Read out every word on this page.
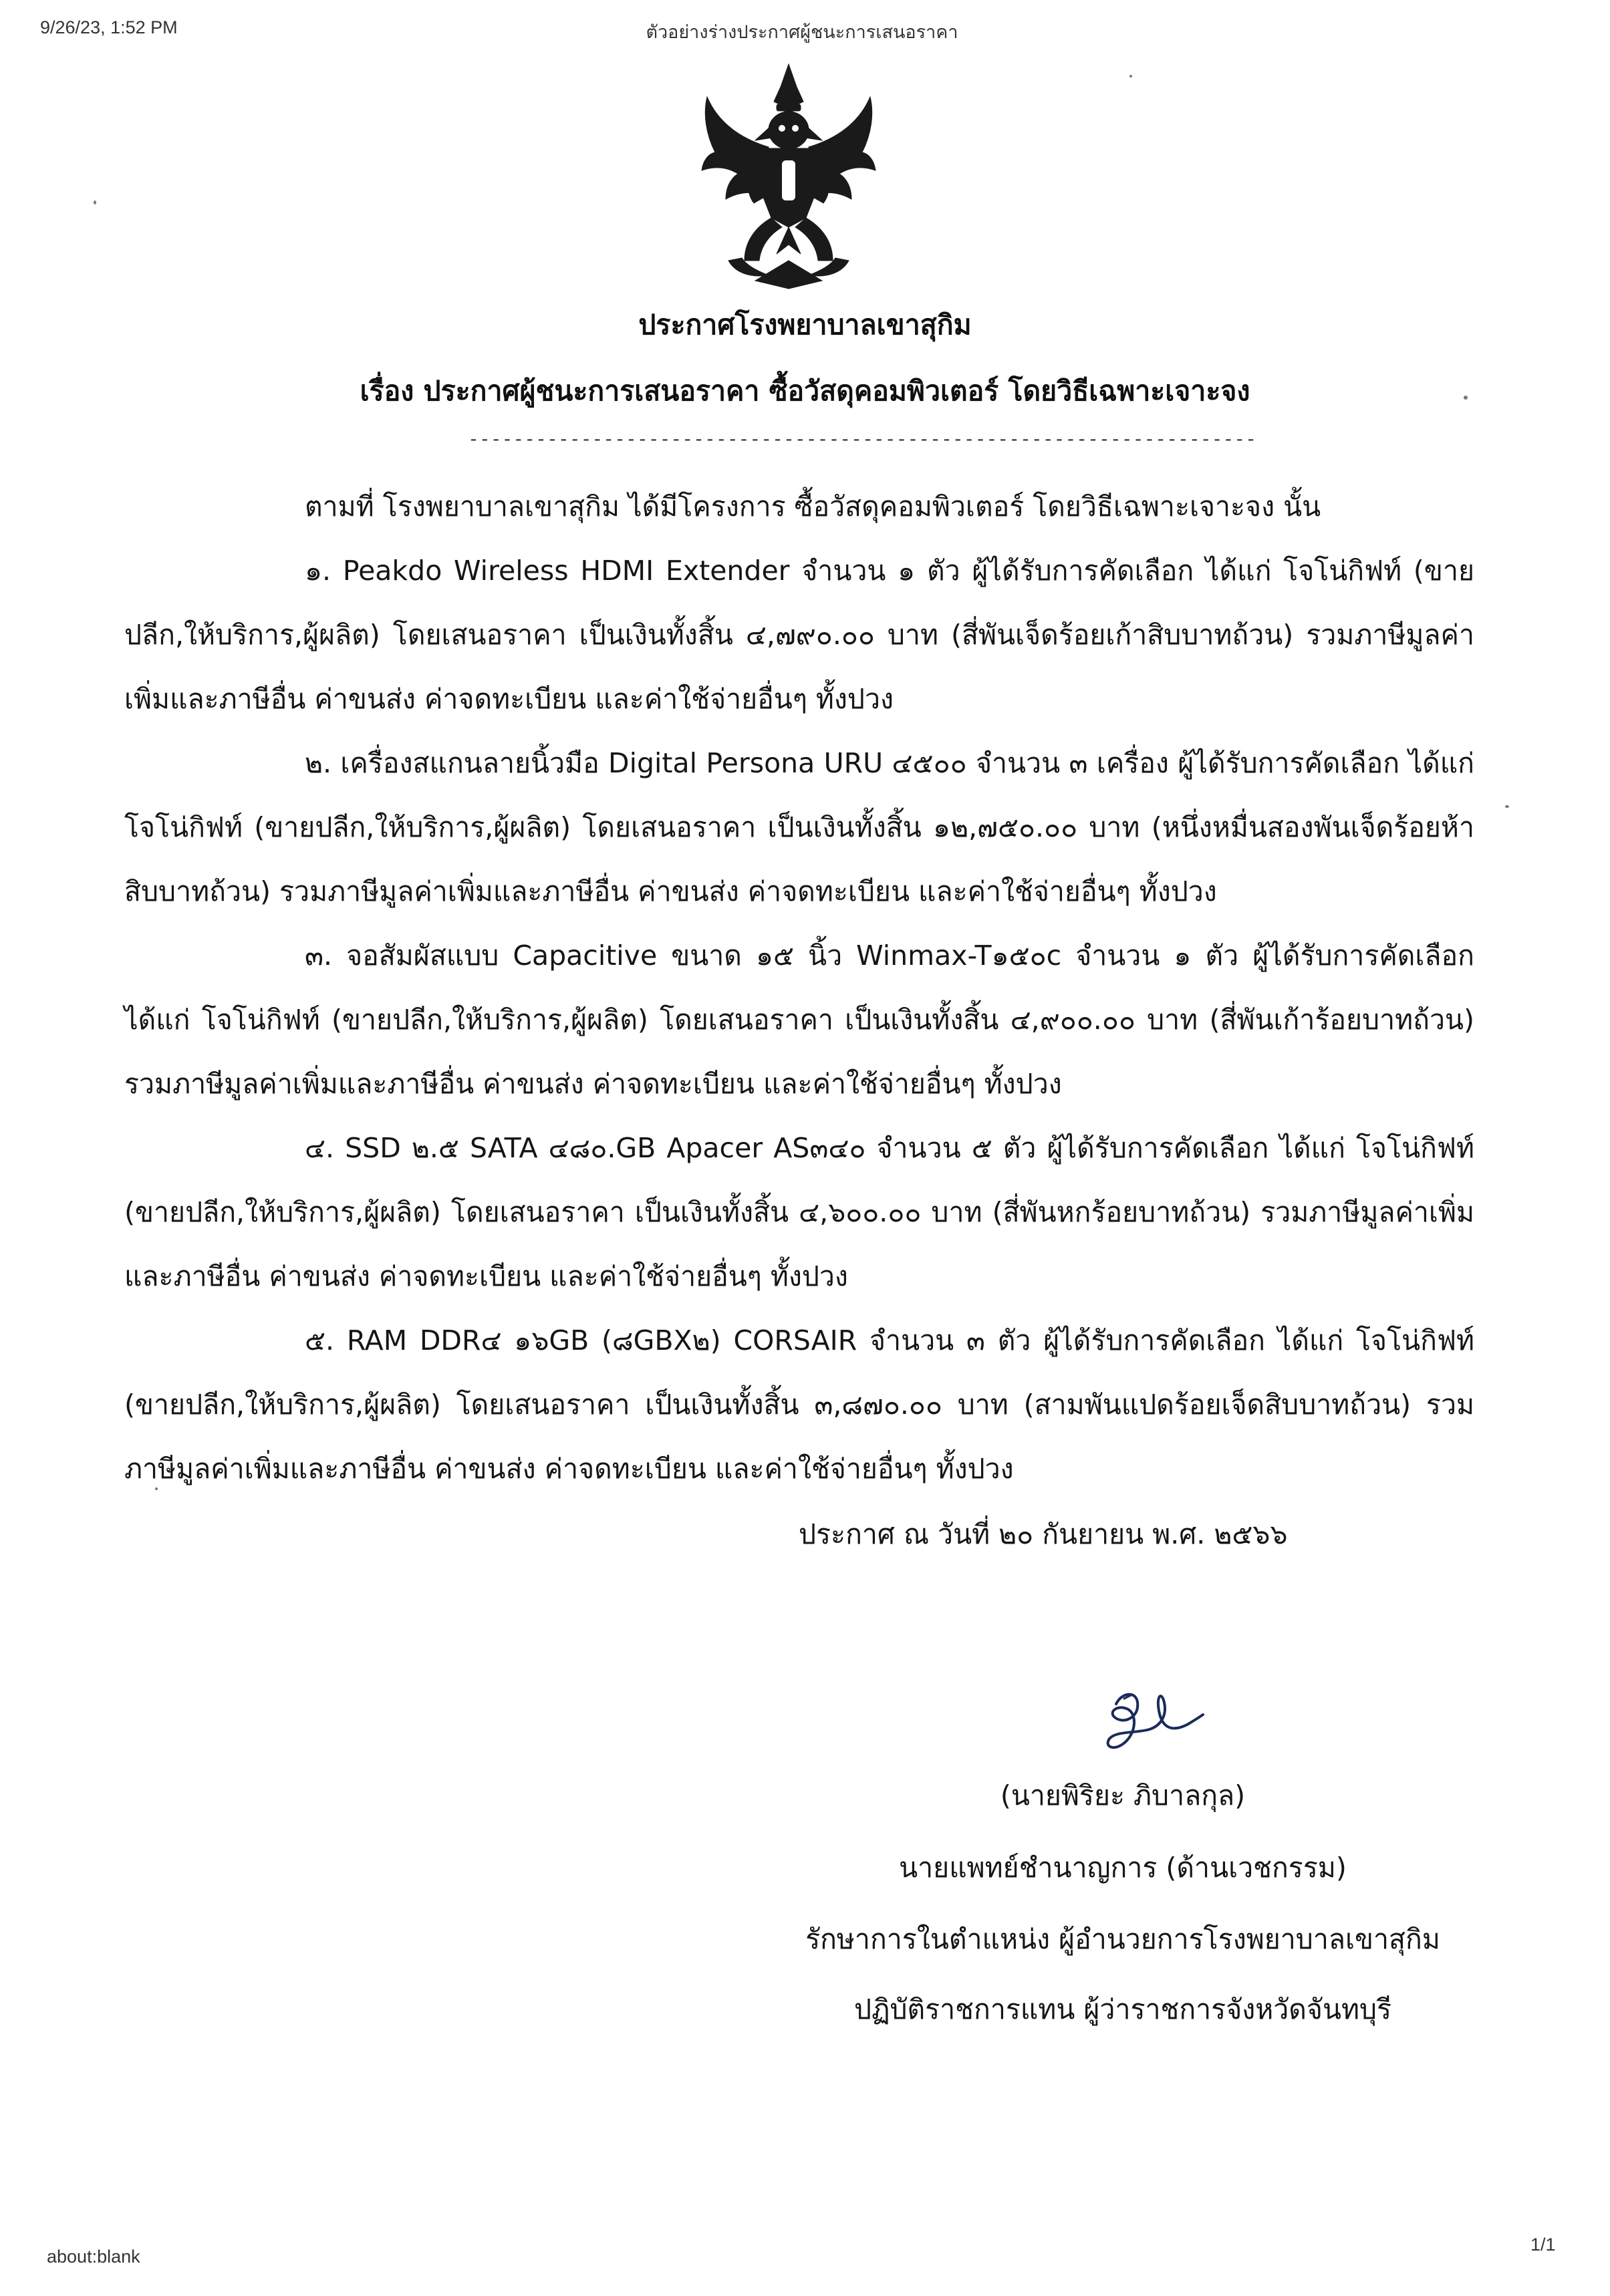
9/26/23, 1:52 PM	ตัวอย่างร่างประกาศผู้ชนะการเสนอราคา
about:blank
1/1
ประกาศโรงพยาบาลเขาสุกิม
เรื่อง ประกาศผู้ชนะการเสนอราคา ซื้อวัสดุคอมพิวเตอร์ โดยวิธีเฉพาะเจาะจง
----------------------------------------------------------------------

ตามที่ โรงพยาบาลเขาสุกิม ได้มีโครงการ ซื้อวัสดุคอมพิวเตอร์ โดยวิธีเฉพาะเจาะจง นั้น

๑. Peakdo Wireless HDMI Extender จำนวน ๑ ตัว ผู้ได้รับการคัดเลือก ได้แก่ โจโน่กิฟท์ (ขายปลีก,ให้บริการ,ผู้ผลิต) โดยเสนอราคา เป็นเงินทั้งสิ้น ๔,๗๙๐.๐๐ บาท (สี่พันเจ็ดร้อยเก้าสิบบาทถ้วน) รวมภาษีมูลค่าเพิ่มและภาษีอื่น ค่าขนส่ง ค่าจดทะเบียน และค่าใช้จ่ายอื่นๆ ทั้งปวง

๒. เครื่องสแกนลายนิ้วมือ Digital Persona URU ๔๕๐๐ จำนวน ๓ เครื่อง ผู้ได้รับการคัดเลือก ได้แก่ โจโน่กิฟท์ (ขายปลีก,ให้บริการ,ผู้ผลิต) โดยเสนอราคา เป็นเงินทั้งสิ้น ๑๒,๗๕๐.๐๐ บาท (หนึ่งหมื่นสองพันเจ็ดร้อยห้าสิบบาทถ้วน) รวมภาษีมูลค่าเพิ่มและภาษีอื่น ค่าขนส่ง ค่าจดทะเบียน และค่าใช้จ่ายอื่นๆ ทั้งปวง

๓. จอสัมผัสแบบ Capacitive ขนาด ๑๕ นิ้ว Winmax-T๑๕๐c จำนวน ๑ ตัว ผู้ได้รับการคัดเลือก ได้แก่ โจโน่กิฟท์ (ขายปลีก,ให้บริการ,ผู้ผลิต) โดยเสนอราคา เป็นเงินทั้งสิ้น ๔,๙๐๐.๐๐ บาท (สี่พันเก้าร้อยบาทถ้วน) รวมภาษีมูลค่าเพิ่มและภาษีอื่น ค่าขนส่ง ค่าจดทะเบียน และค่าใช้จ่ายอื่นๆ ทั้งปวง

๔. SSD ๒.๕ SATA ๔๘๐.GB Apacer AS๓๔๐ จำนวน ๕ ตัว ผู้ได้รับการคัดเลือก ได้แก่ โจโน่กิฟท์ (ขายปลีก,ให้บริการ,ผู้ผลิต) โดยเสนอราคา เป็นเงินทั้งสิ้น ๔,๖๐๐.๐๐ บาท (สี่พันหกร้อยบาทถ้วน) รวมภาษีมูลค่าเพิ่มและภาษีอื่น ค่าขนส่ง ค่าจดทะเบียน และค่าใช้จ่ายอื่นๆ ทั้งปวง

๕. RAM DDR๔ ๑๖GB (๘GBX๒) CORSAIR จำนวน ๓ ตัว ผู้ได้รับการคัดเลือก ได้แก่ โจโน่กิฟท์ (ขายปลีก,ให้บริการ,ผู้ผลิต) โดยเสนอราคา เป็นเงินทั้งสิ้น ๓,๘๗๐.๐๐ บาท (สามพันแปดร้อยเจ็ดสิบบาทถ้วน) รวมภาษีมูลค่าเพิ่มและภาษีอื่น ค่าขนส่ง ค่าจดทะเบียน และค่าใช้จ่ายอื่นๆ ทั้งปวง

ประกาศ ณ วันที่ ๒๐ กันยายน พ.ศ. ๒๕๖๖
(นายพิริยะ ภิบาลกุล)
นายแพทย์ชำนาญการ (ด้านเวชกรรม)
รักษาการในตำแหน่ง ผู้อำนวยการโรงพยาบาลเขาสุกิม
ปฏิบัติราชการแทน ผู้ว่าราชการจังหวัดจันทบุรี
